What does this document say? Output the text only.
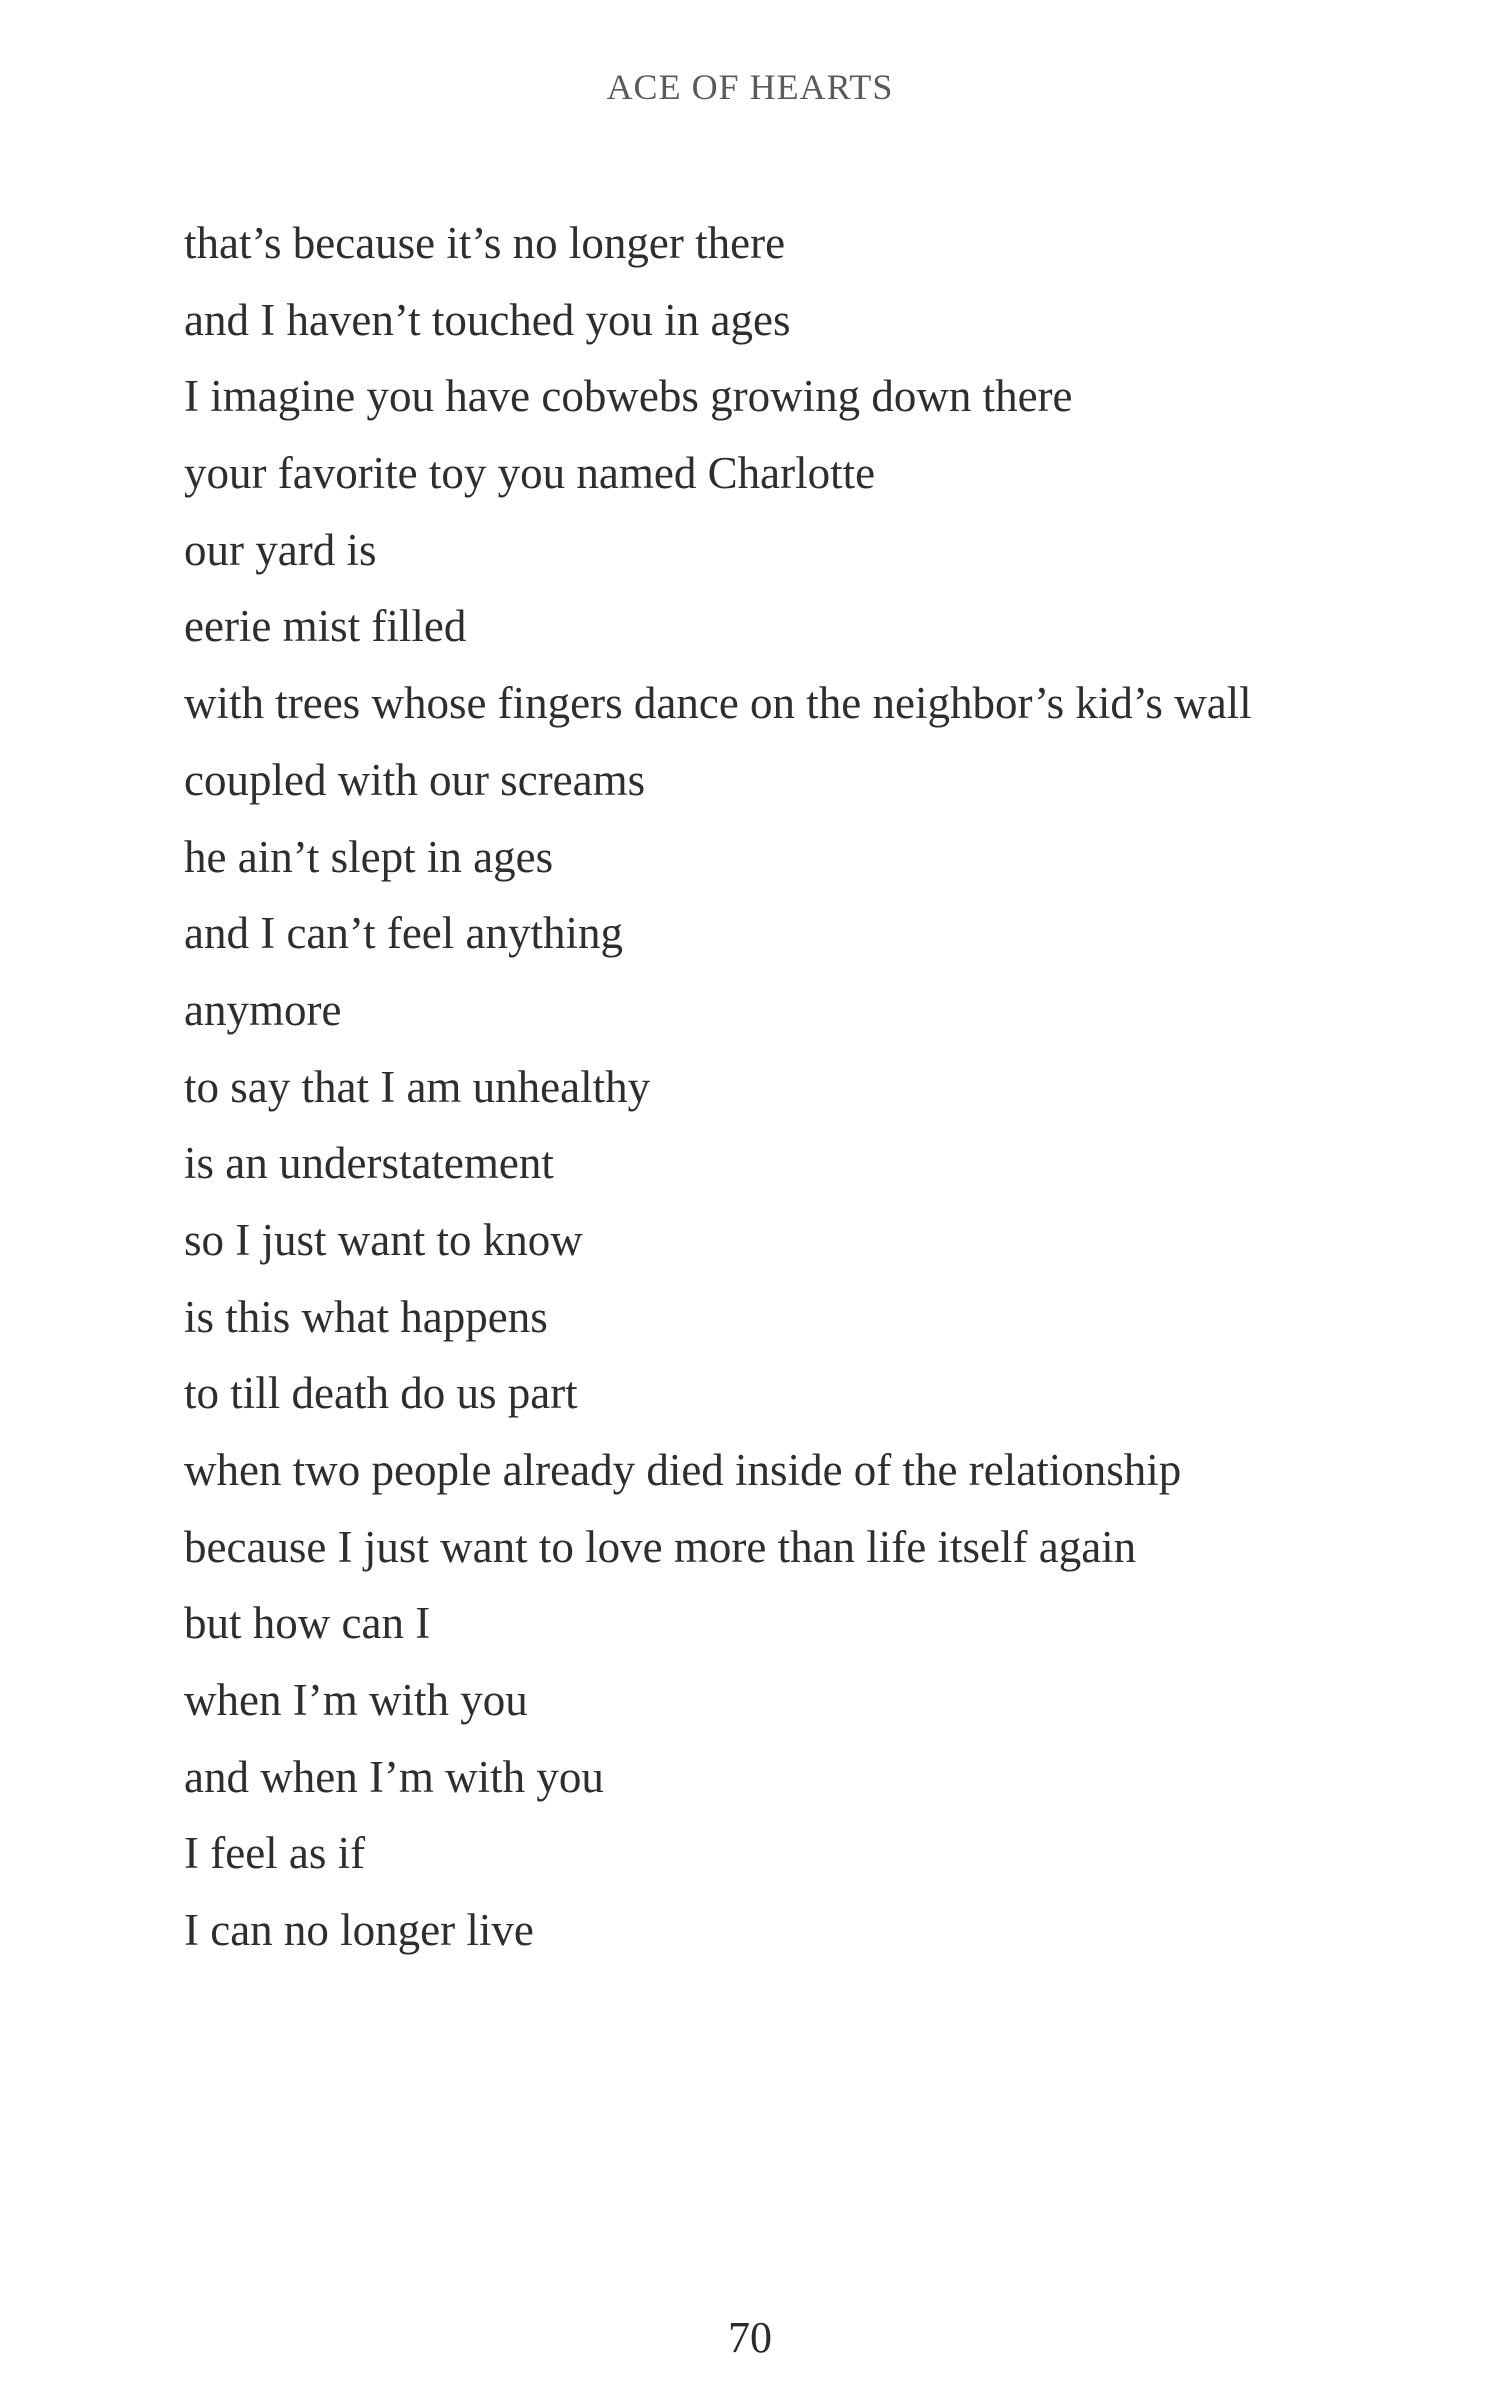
ACE OF HEARTS
that’s because it’s no longer there
and I haven’t touched you in ages
I imagine you have cobwebs growing down there
your favorite toy you named Charlotte
our yard is
eerie mist filled
with trees whose fingers dance on the neighbor’s kid’s wall
coupled with our screams
he ain’t slept in ages
and I can’t feel anything
anymore
to say that I am unhealthy
is an understatement
so I just want to know
is this what happens
to till death do us part
when two people already died inside of the relationship
because I just want to love more than life itself again
but how can I
when I’m with you
and when I’m with you
I feel as if
I can no longer live
70
